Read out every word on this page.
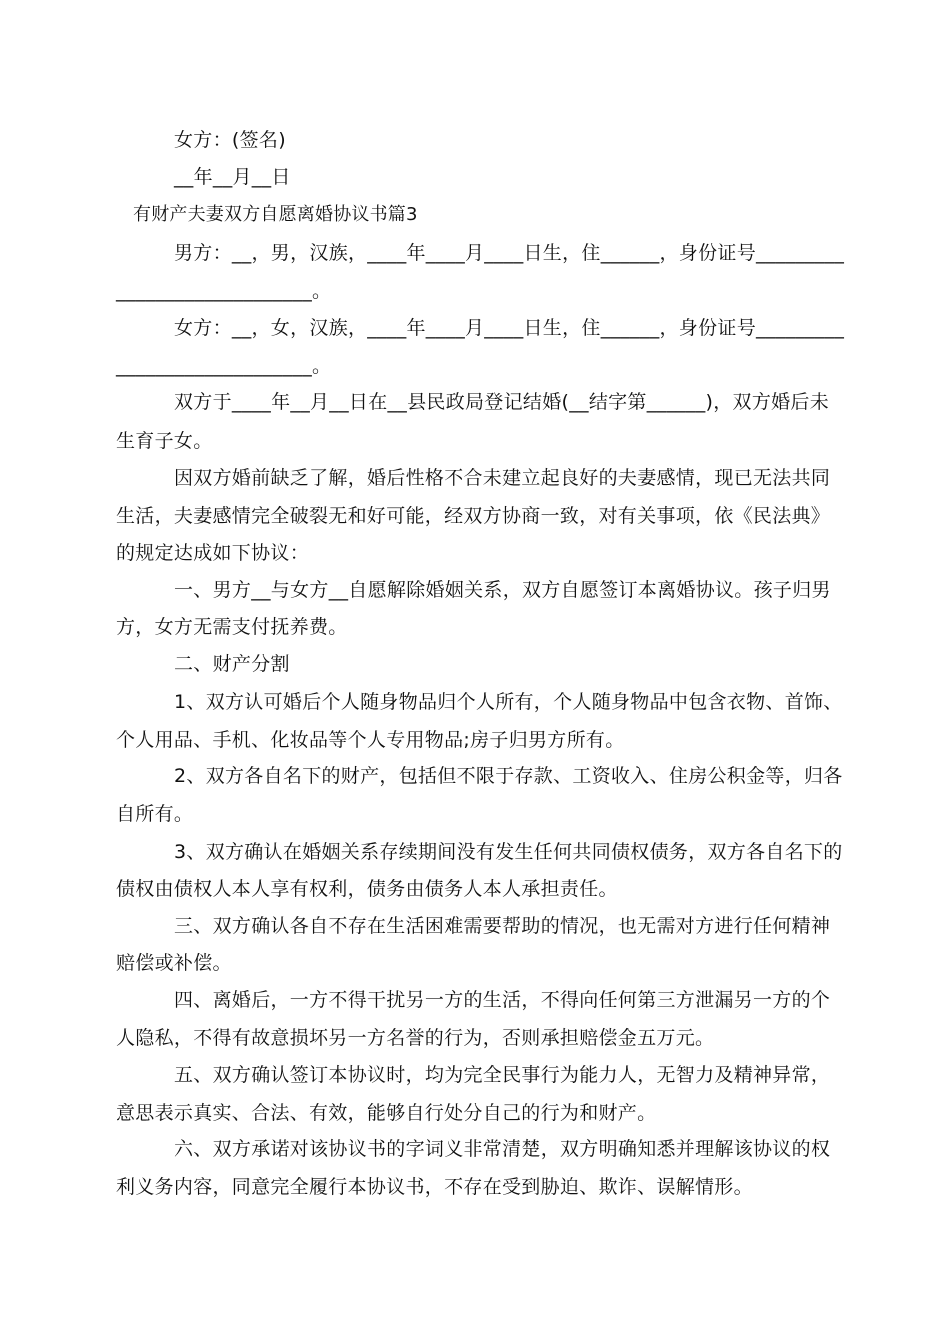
女方：(签名)
__年__月__日
有财产夫妻双方自愿离婚协议书篇3
男方：__，男，汉族，____年____月____日生，住______，身份证号_________
____________________。
女方：__，女，汉族，____年____月____日生，住______，身份证号_________
____________________。
双方于____年__月__日在__县民政局登记结婚(__结字第______)，双方婚后未
生育子女。
因双方婚前缺乏了解，婚后性格不合未建立起良好的夫妻感情，现已无法共同
生活，夫妻感情完全破裂无和好可能，经双方协商一致，对有关事项，依《民法典》
的规定达成如下协议：
一、男方__与女方__自愿解除婚姻关系，双方自愿签订本离婚协议。孩子归男
方，女方无需支付抚养费。
二、财产分割
1、双方认可婚后个人随身物品归个人所有，个人随身物品中包含衣物、首饰、
个人用品、手机、化妆品等个人专用物品;房子归男方所有。
2、双方各自名下的财产，包括但不限于存款、工资收入、住房公积金等，归各
自所有。
3、双方确认在婚姻关系存续期间没有发生任何共同债权债务，双方各自名下的
债权由债权人本人享有权利，债务由债务人本人承担责任。
三、双方确认各自不存在生活困难需要帮助的情况，也无需对方进行任何精神
赔偿或补偿。
四、离婚后，一方不得干扰另一方的生活，不得向任何第三方泄漏另一方的个
人隐私，不得有故意损坏另一方名誉的行为，否则承担赔偿金五万元。
五、双方确认签订本协议时，均为完全民事行为能力人，无智力及精神异常，
意思表示真实、合法、有效，能够自行处分自己的行为和财产。
六、双方承诺对该协议书的字词义非常清楚，双方明确知悉并理解该协议的权
利义务内容，同意完全履行本协议书，不存在受到胁迫、欺诈、误解情形。
